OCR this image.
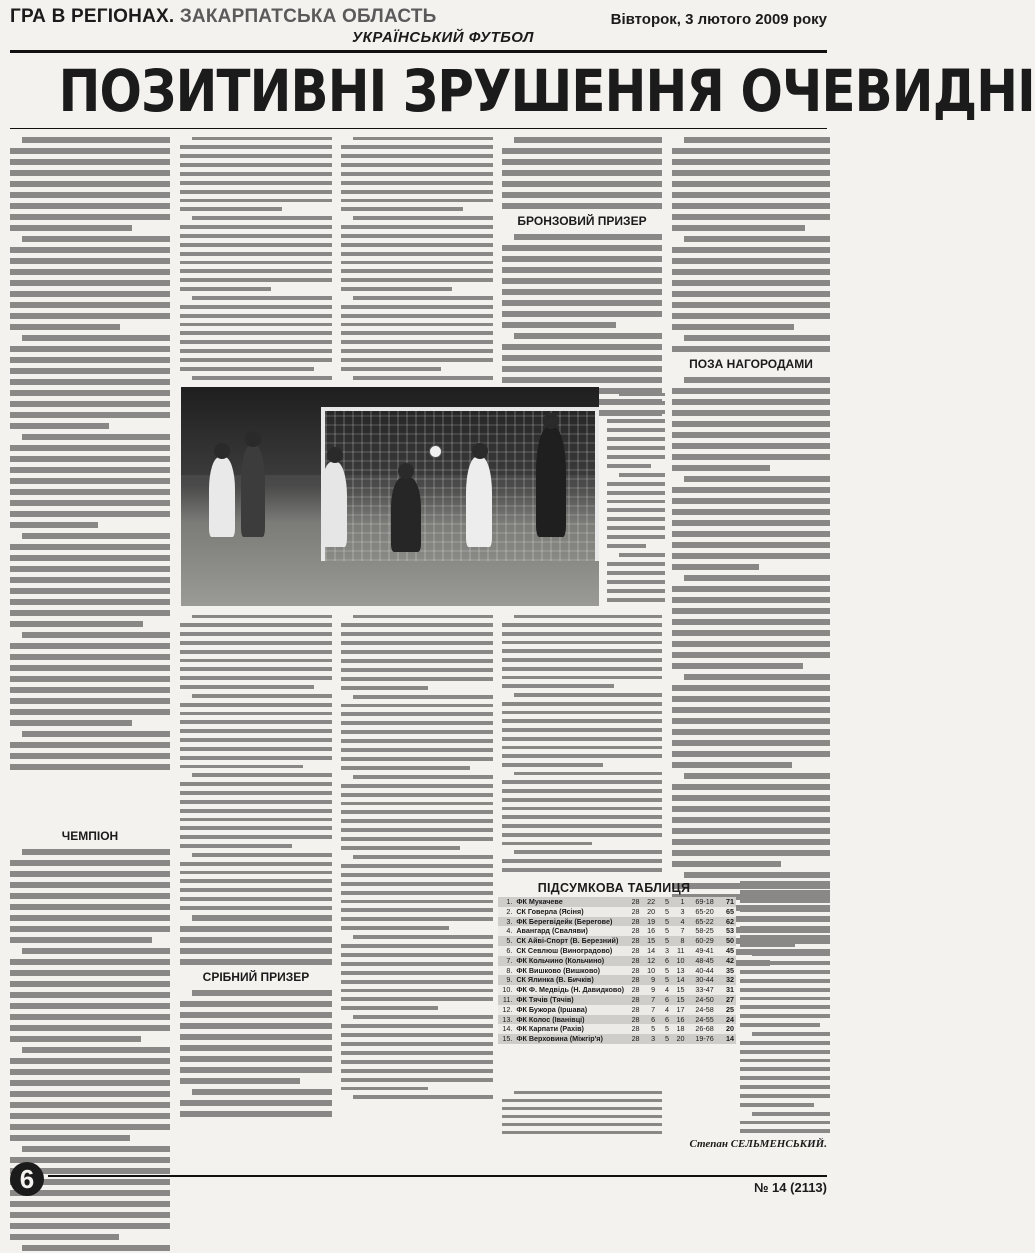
ГРА В РЕГІОНАХ. ЗАКАРПАТСЬКА ОБЛАСТЬ	Вівторок, 3 лютого 2009 року
УКРАЇНСЬКИЙ ФУТБОЛ
ПОЗИТИВНІ ЗРУШЕННЯ ОЧЕВИДНІ
ЧЕМПІОН
БРОНЗОВИЙ ПРИЗЕР
ПОЗА НАГОРОДАМИ
СРІБНИЙ ПРИЗЕР
ПІДСУМКОВА ТАБЛИЦЯ
1.	ФК Мукачеве	28	22	5	1	69-18	71
2.	СК Говерла (Ясіня)	28	20	5	3	65-20	65
3.	ФК Берегвідейк (Берегове)	28	19	5	4	65-22	62
4.	Авангард (Сваляви)	28	16	5	7	58-25	53
5.	СК Айві-Спорт (В. Березний)	28	15	5	8	60-29	50
6.	СК Севлюш (Виноградово)	28	14	3	11	49-41	45
7.	ФК Кольчино (Кольчино)	28	12	6	10	48-45	42
8.	ФК Вишково (Вишково)	28	10	5	13	40-44	35
9.	СК Ялинка (В. Бичків)	28	9	5	14	30-44	32
10.	ФК Ф. Медвідь (Н. Давидково)	28	9	4	15	33-47	31
11.	ФК Тячів (Тячів)	28	7	6	15	24-50	27
12.	ФК Бужора (Іршава)	28	7	4	17	24-58	25
13.	ФК Колос (Іванівці)	28	6	6	16	24-55	24
14.	ФК Карпати (Рахів)	28	5	5	18	26-68	20
15.	ФК Верховина (Міжгір'я)	28	3	5	20	19-76	14
Степан СЕЛЬМЕНСЬКИЙ.
6	№ 14 (2113)
